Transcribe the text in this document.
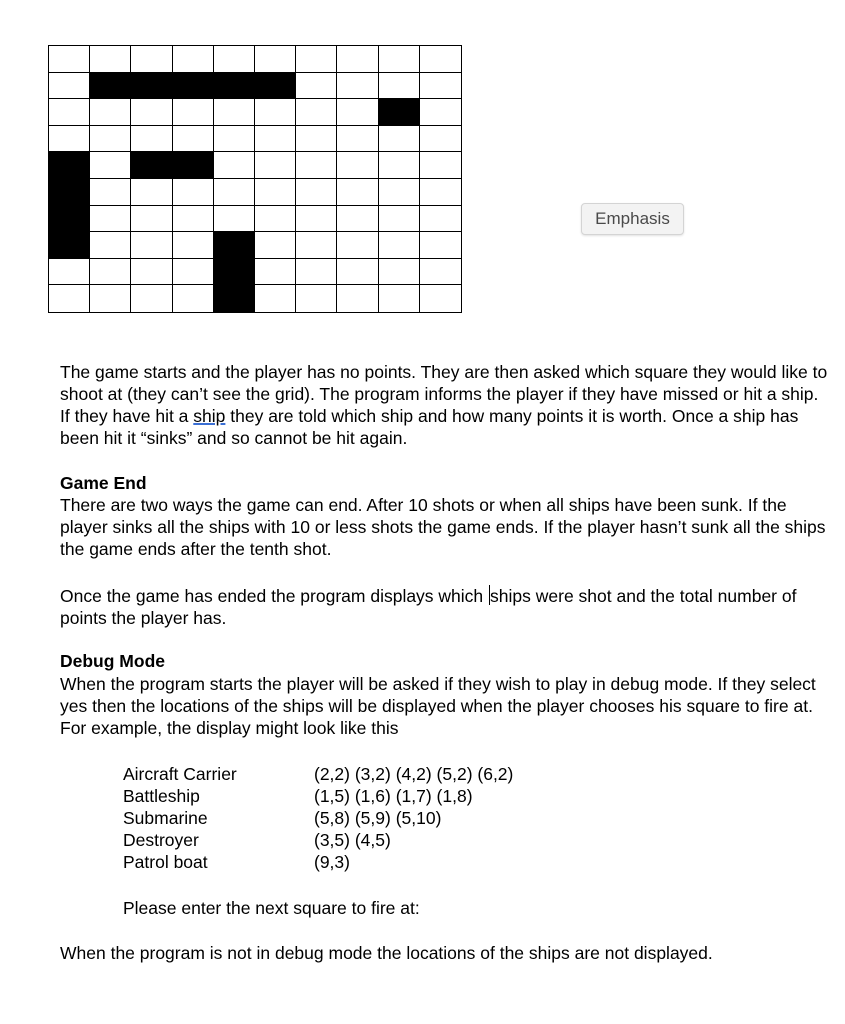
Emphasis

The game starts and the player has no points. They are then asked which square they would like to shoot at (they can’t see the grid). The program informs the player if they have missed or hit a ship. If they have hit a ship they are told which ship and how many points it is worth. Once a ship has been hit it “sinks” and so cannot be hit again.

Game End

There are two ways the game can end. After 10 shots or when all ships have been sunk. If the player sinks all the ships with 10 or less shots the game ends. If the player hasn’t sunk all the ships the game ends after the tenth shot.

Once the game has ended the program displays which ships were shot and the total number of points the player has.

Debug Mode

When the program starts the player will be asked if they wish to play in debug mode. If they select yes then the locations of the ships will be displayed when the player chooses his square to fire at. For example, the display might look like this

Aircraft Carrier	(2,2) (3,2) (4,2) (5,2) (6,2)
Battleship	(1,5) (1,6) (1,7) (1,8)
Submarine	(5,8) (5,9) (5,10)
Destroyer	(3,5) (4,5)
Patrol boat	(9,3)

Please enter the next square to fire at:

When the program is not in debug mode the locations of the ships are not displayed.
